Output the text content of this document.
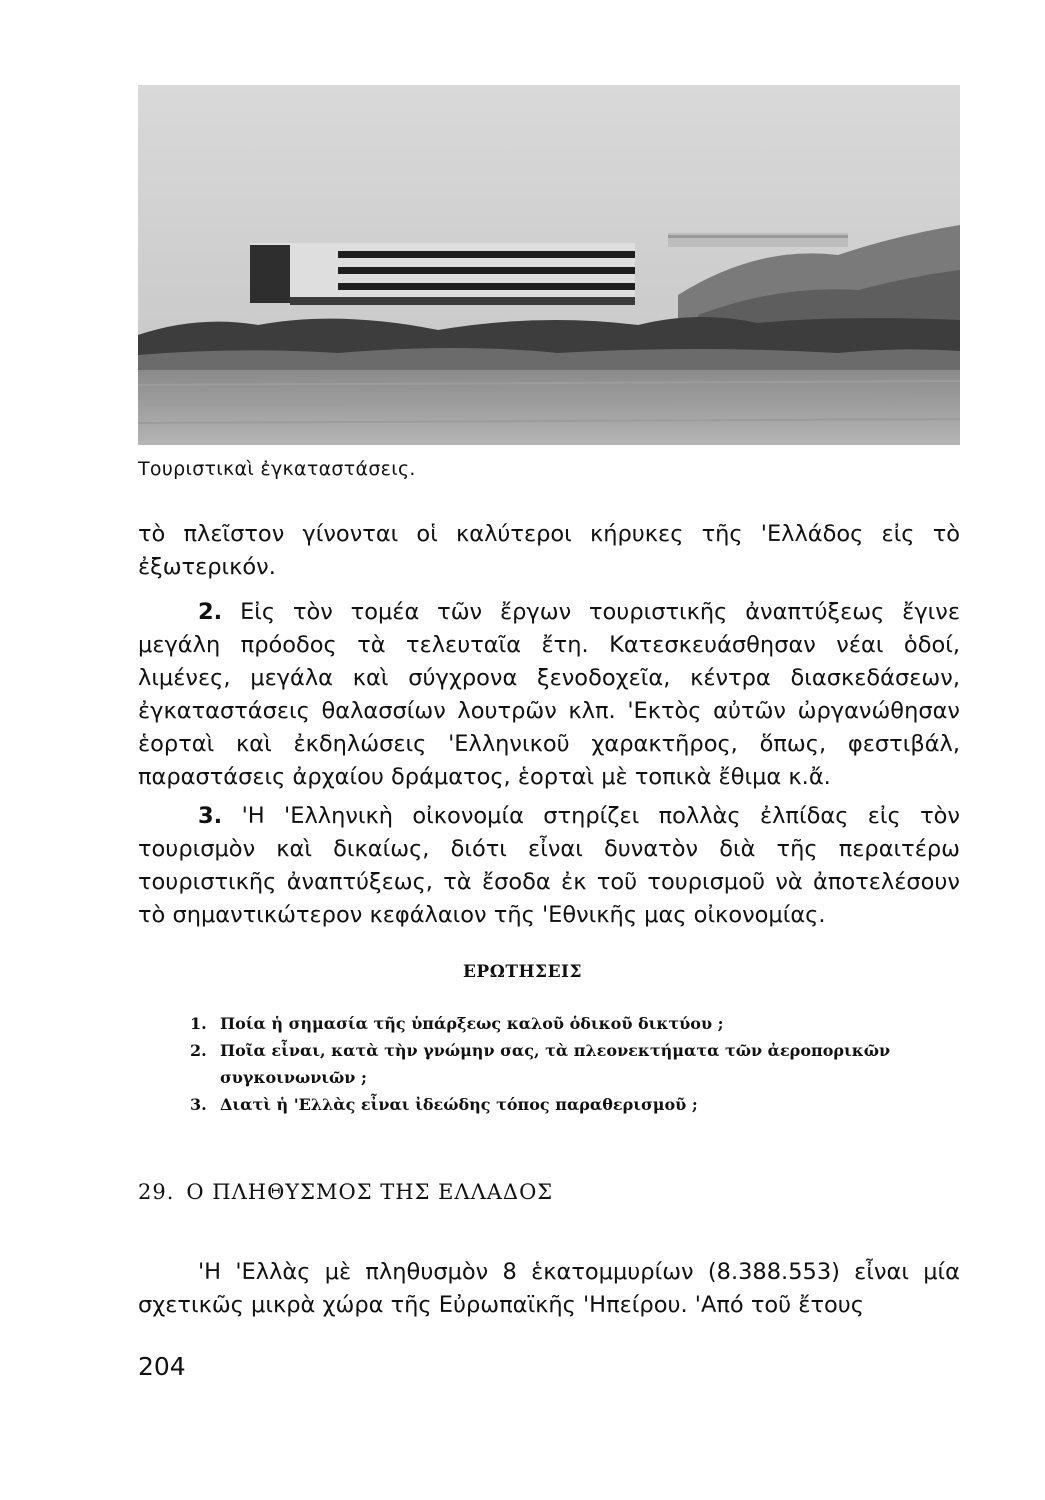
Τουριστικαὶ ἐγκαταστάσεις.

τὸ πλεῖστον γίνονται οἱ καλύτεροι κήρυκες τῆς 'Ελλάδος εἰς τὸ ἐξωτερικόν.

2. Εἰς τὸν τομέα τῶν ἔργων τουριστικῆς ἀναπτύξεως ἔγινε μεγάλη πρόοδος τὰ τελευταῖα ἔτη. Κατεσκευάσθησαν νέαι ὁδοί, λιμένες, μεγάλα καὶ σύγχρονα ξενοδοχεῖα, κέντρα διασκεδάσεων, ἐγκαταστάσεις θαλασσίων λουτρῶν κλπ. 'Εκτὸς αὐτῶν ὠργανώθησαν ἑορταὶ καὶ ἐκδηλώσεις 'Ελληνικοῦ χαρακτῆρος, ὅπως, φεστιβάλ, παραστάσεις ἀρχαίου δράματος, ἑορταὶ μὲ τοπικὰ ἔθιμα κ.ἄ.

3. 'Η 'Ελληνικὴ οἰκονομία στηρίζει πολλὰς ἐλπίδας εἰς τὸν τουρισμὸν καὶ δικαίως, διότι εἶναι δυνατὸν διὰ τῆς περαιτέρω τουριστικῆς ἀναπτύξεως, τὰ ἔσοδα ἐκ τοῦ τουρισμοῦ νὰ ἀποτελέσουν τὸ σημαντικώτερον κεφάλαιον τῆς 'Εθνικῆς μας οἰκονομίας.

ΕΡΩΤΗΣΕΙΣ
1. Ποία ἡ σημασία τῆς ὑπάρξεως καλοῦ ὁδικοῦ δικτύου ;
2. Ποῖα εἶναι, κατὰ τὴν γνώμην σας, τὰ πλεονεκτήματα τῶν ἀεροπορικῶν συγκοινωνιῶν ;
3. Διατὶ ἡ 'Ελλὰς εἶναι ἰδεώδης τόπος παραθερισμοῦ ;
29. Ο ΠΛΗΘΥΣΜΟΣ ΤΗΣ ΕΛΛΑΔΟΣ

'Η 'Ελλὰς μὲ πληθυσμὸν 8 ἑκατομμυρίων (8.388.553) εἶναι μία σχετικῶς μικρὰ χώρα τῆς Εὐρωπαϊκῆς 'Ηπείρου. 'Από τοῦ ἔτους

204
